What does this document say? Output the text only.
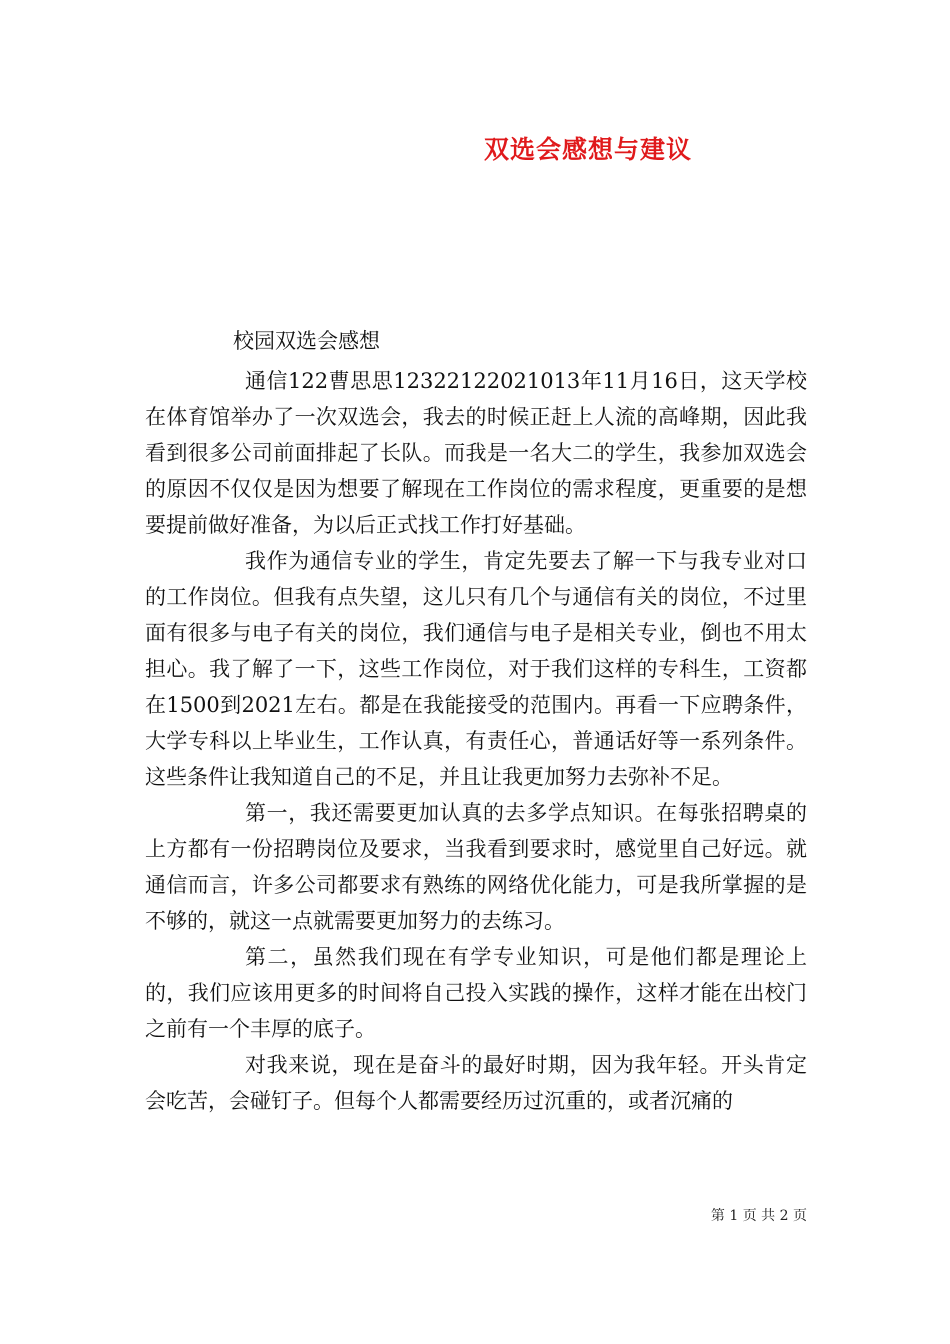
双选会感想与建议
校园双选会感想

通信122曹思思12322122021013年11月16日，这天学校在体育馆举办了一次双选会，我去的时候正赶上人流的高峰期，因此我看到很多公司前面排起了长队。而我是一名大二的学生，我参加双选会的原因不仅仅是因为想要了解现在工作岗位的需求程度，更重要的是想要提前做好准备，为以后正式找工作打好基础。

我作为通信专业的学生，肯定先要去了解一下与我专业对口的工作岗位。但我有点失望，这儿只有几个与通信有关的岗位，不过里面有很多与电子有关的岗位，我们通信与电子是相关专业，倒也不用太担心。我了解了一下，这些工作岗位，对于我们这样的专科生，工资都在1500到2021左右。都是在我能接受的范围内。再看一下应聘条件，大学专科以上毕业生，工作认真，有责任心，普通话好等一系列条件。这些条件让我知道自己的不足，并且让我更加努力去弥补不足。

第一，我还需要更加认真的去多学点知识。在每张招聘桌的上方都有一份招聘岗位及要求，当我看到要求时，感觉里自己好远。就通信而言，许多公司都要求有熟练的网络优化能力，可是我所掌握的是不够的，就这一点就需要更加努力的去练习。

第二，虽然我们现在有学专业知识，可是他们都是理论上的，我们应该用更多的时间将自己投入实践的操作，这样才能在出校门之前有一个丰厚的底子。

对我来说，现在是奋斗的最好时期，因为我年轻。开头肯定会吃苦，会碰钉子。但每个人都需要经历过沉重的，或者沉痛的

第 1 页 共 2 页
